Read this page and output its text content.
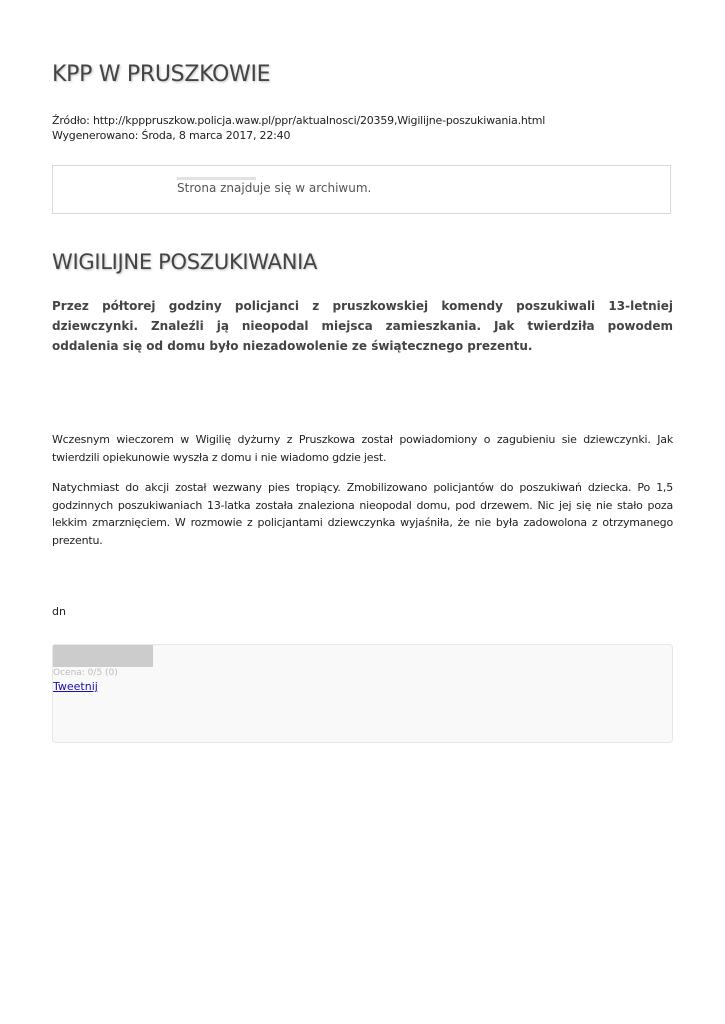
KPP W PRUSZKOWIE
Źródło: http://kpppruszkow.policja.waw.pl/ppr/aktualnosci/20359,Wigilijne-poszukiwania.html
Wygenerowano: Środa, 8 marca 2017, 22:40
Strona znajduje się w archiwum.
WIGILIJNE POSZUKIWANIA

Przez półtorej godziny policjanci z pruszkowskiej komendy poszukiwali 13-letniej dziewczynki. Znaleźli ją nieopodal miejsca zamieszkania. Jak twierdziła powodem oddalenia się od domu było niezadowolenie ze świątecznego prezentu.

Wczesnym wieczorem w Wigilię dyżurny z Pruszkowa został powiadomiony o zagubieniu sie dziewczynki. Jak twierdzili opiekunowie wyszła z domu i nie wiadomo gdzie jest.

Natychmiast do akcji został wezwany pies tropiący. Zmobilizowano policjantów do poszukiwań dziecka. Po 1,5 godzinnych poszukiwaniach 13-latka została znaleziona nieopodal domu, pod drzewem. Nic jej się nie stało poza lekkim zmarznięciem. W rozmowie z policjantami dziewczynka wyjaśniła, że nie była zadowolona z otrzymanego prezentu.

dn
Ocena: 0/5 (0)
Tweetnij
